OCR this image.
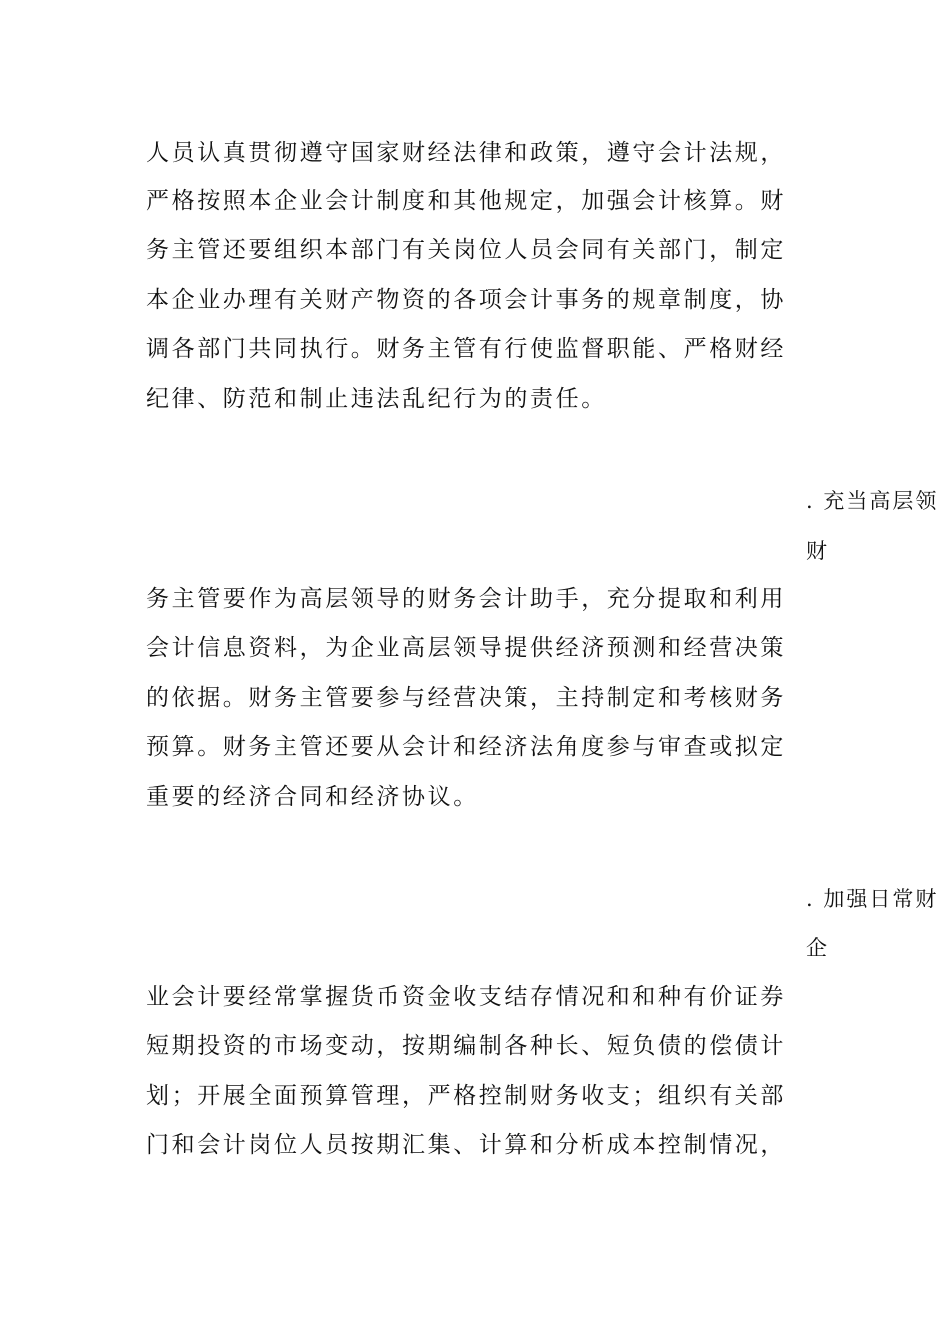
人员认真贯彻遵守国家财经法律和政策，遵守会计法规，
严格按照本企业会计制度和其他规定，加强会计核算。财
务主管还要组织本部门有关岗位人员会同有关部门，制定
本企业办理有关财产物资的各项会计事务的规章制度，协
调各部门共同执行。财务主管有行使监督职能、严格财经
纪律、防范和制止违法乱纪行为的责任。
. 充当高层领
财
务主管要作为高层领导的财务会计助手，充分提取和利用
会计信息资料，为企业高层领导提供经济预测和经营决策
的依据。财务主管要参与经营决策，主持制定和考核财务
预算。财务主管还要从会计和经济法角度参与审查或拟定
重要的经济合同和经济协议。
. 加强日常财
企
业会计要经常掌握货币资金收支结存情况和和种有价证券
短期投资的市场变动，按期编制各种长、短负债的偿债计
划；开展全面预算管理，严格控制财务收支；组织有关部
门和会计岗位人员按期汇集、计算和分析成本控制情况，
